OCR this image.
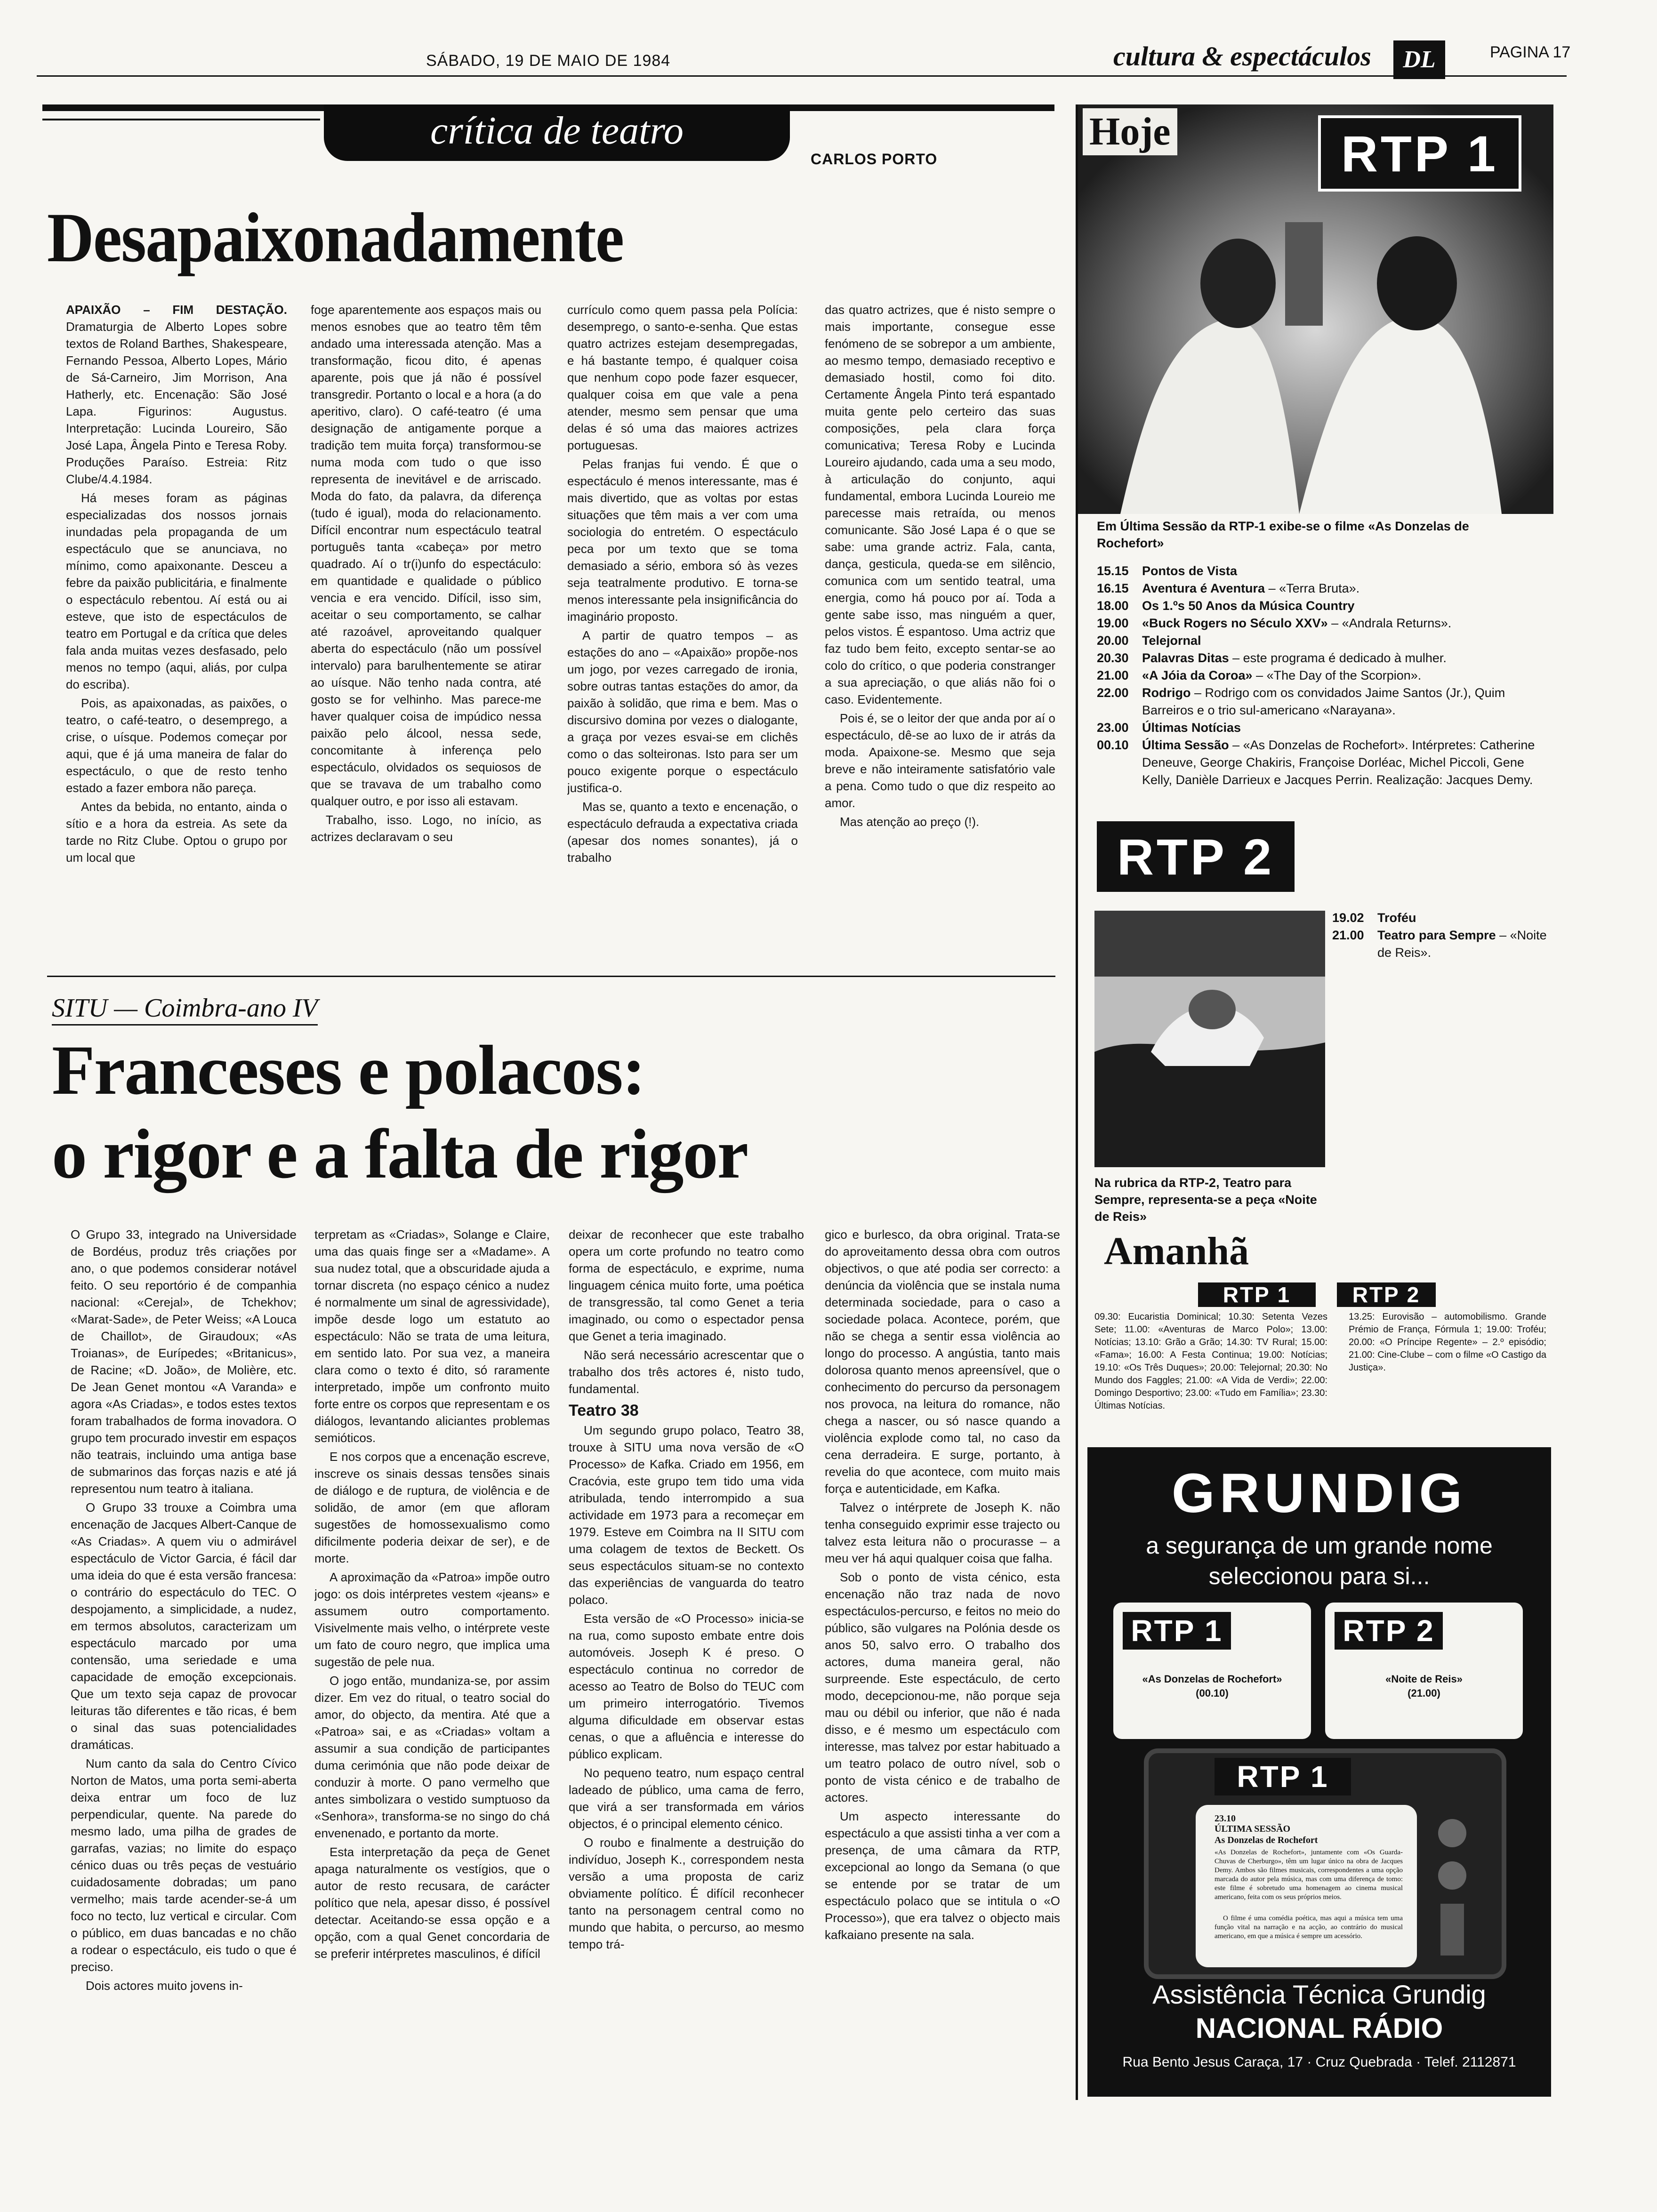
SÁBADO, 19 DE MAIO DE 1984	cultura & espectáculos	DL	PAGINA 17
crítica de teatro
CARLOS PORTO
Desapaixonadamente

APAIXÃO – FIM DESTAÇÃO. Dramaturgia de Alberto Lopes sobre textos de Roland Barthes, Shakespeare, Fernando Pessoa, Alberto Lopes, Mário de Sá-Carneiro, Jim Morrison, Ana Hatherly, etc. Encenação: São José Lapa. Figurinos: Augustus. Interpretação: Lucinda Loureiro, São José Lapa, Ângela Pinto e Teresa Roby. Produções Paraíso. Estreia: Ritz Clube/4.4.1984.

Há meses foram as páginas especializadas dos nossos jornais inundadas pela propaganda de um espectáculo que se anunciava, no mínimo, como apaixonante. Desceu a febre da paixão publicitária, e finalmente o espectáculo rebentou. Aí está ou ai esteve, que isto de espectáculos de teatro em Portugal e da crítica que deles fala anda muitas vezes desfasado, pelo menos no tempo (aqui, aliás, por culpa do escriba).

Pois, as apaixonadas, as paixões, o teatro, o café-teatro, o desemprego, a crise, o uísque. Podemos começar por aqui, que é já uma maneira de falar do espectáculo, o que de resto tenho estado a fazer embora não pareça.

Antes da bebida, no entanto, ainda o sítio e a hora da estreia. As sete da tarde no Ritz Clube. Optou o grupo por um local que

foge aparentemente aos espaços mais ou menos esnobes que ao teatro têm têm andado uma interessada atenção. Mas a transformação, ficou dito, é apenas aparente, pois que já não é possível transgredir. Portanto o local e a hora (a do aperitivo, claro). O café-teatro (é uma designação de antigamente porque a tradição tem muita força) transformou-se numa moda com tudo o que isso representa de inevitável e de arriscado. Moda do fato, da palavra, da diferença (tudo é igual), moda do relacionamento. Difícil encontrar num espectáculo teatral português tanta «cabeça» por metro quadrado. Aí o tr(i)unfo do espectáculo: em quantidade e qualidade o público vencia e era vencido. Difícil, isso sim, aceitar o seu comportamento, se calhar até razoável, aproveitando qualquer aberta do espectáculo (não um possível intervalo) para barulhentemente se atirar ao uísque. Não tenho nada contra, até gosto se for velhinho. Mas parece-me haver qualquer coisa de impúdico nessa paixão pelo álcool, nessa sede, concomitante à inferença pelo espectáculo, olvidados os sequiosos de que se travava de um trabalho como qualquer outro, e por isso ali estavam.

Trabalho, isso. Logo, no início, as actrizes declaravam o seu

currículo como quem passa pela Polícia: desemprego, o santo-e-senha. Que estas quatro actrizes estejam desempregadas, e há bastante tempo, é qualquer coisa que nenhum copo pode fazer esquecer, qualquer coisa em que vale a pena atender, mesmo sem pensar que uma delas é só uma das maiores actrizes portuguesas.

Pelas franjas fui vendo. É que o espectáculo é menos interessante, mas é mais divertido, que as voltas por estas situações que têm mais a ver com uma sociologia do entretém. O espectáculo peca por um texto que se toma demasiado a sério, embora só às vezes seja teatralmente produtivo. E torna-se menos interessante pela insignificância do imaginário proposto.

A partir de quatro tempos – as estações do ano – «Apaixão» propõe-nos um jogo, por vezes carregado de ironia, sobre outras tantas estações do amor, da paixão à solidão, que rima e bem. Mas o discursivo domina por vezes o dialogante, a graça por vezes esvai-se em clichês como o das solteironas. Isto para ser um pouco exigente porque o espectáculo justifica-o.

Mas se, quanto a texto e encenação, o espectáculo defrauda a expectativa criada (apesar dos nomes sonantes), já o trabalho

das quatro actrizes, que é nisto sempre o mais importante, consegue esse fenómeno de se sobrepor a um ambiente, ao mesmo tempo, demasiado receptivo e demasiado hostil, como foi dito. Certamente Ângela Pinto terá espantado muita gente pelo certeiro das suas composições, pela clara força comunicativa; Teresa Roby e Lucinda Loureiro ajudando, cada uma a seu modo, à articulação do conjunto, aqui fundamental, embora Lucinda Loureio me parecesse mais retraída, ou menos comunicante. São José Lapa é o que se sabe: uma grande actriz. Fala, canta, dança, gesticula, queda-se em silêncio, comunica com um sentido teatral, uma energia, como há pouco por aí. Toda a gente sabe isso, mas ninguém a quer, pelos vistos. É espantoso. Uma actriz que faz tudo bem feito, excepto sentar-se ao colo do crítico, o que poderia constranger a sua apreciação, o que aliás não foi o caso. Evidentemente.

Pois é, se o leitor der que anda por aí o espectáculo, dê-se ao luxo de ir atrás da moda. Apaixone-se. Mesmo que seja breve e não inteiramente satisfatório vale a pena. Como tudo o que diz respeito ao amor.

Mas atenção ao preço (!).

SITU — Coimbra-ano IV
Franceses e polacos:
o rigor e a falta de rigor

O Grupo 33, integrado na Universidade de Bordéus, produz três criações por ano, o que podemos considerar notável feito. O seu reportório é de companhia nacional: «Cerejal», de Tchekhov; «Marat-Sade», de Peter Weiss; «A Louca de Chaillot», de Giraudoux; «As Troianas», de Eurípedes; «Britanicus», de Racine; «D. João», de Molière, etc. De Jean Genet montou «A Varanda» e agora «As Criadas», e todos estes textos foram trabalhados de forma inovadora. O grupo tem procurado investir em espaços não teatrais, incluindo uma antiga base de submarinos das forças nazis e até já representou num teatro à italiana.

O Grupo 33 trouxe a Coimbra uma encenação de Jacques Albert-Canque de «As Criadas». A quem viu o admirável espectáculo de Victor Garcia, é fácil dar uma ideia do que é esta versão francesa: o contrário do espectáculo do TEC. O despojamento, a simplicidade, a nudez, em termos absolutos, caracterizam um espectáculo marcado por uma contensão, uma seriedade e uma capacidade de emoção excepcionais. Que um texto seja capaz de provocar leituras tão diferentes e tão ricas, é bem o sinal das suas potencialidades dramáticas.

Num canto da sala do Centro Cívico Norton de Matos, uma porta semi-aberta deixa entrar um foco de luz perpendicular, quente. Na parede do mesmo lado, uma pilha de grades de garrafas, vazias; no limite do espaço cénico duas ou três peças de vestuário cuidadosamente dobradas; um pano vermelho; mais tarde acender-se-á um foco no tecto, luz vertical e circular. Com o público, em duas bancadas e no chão a rodear o espectáculo, eis tudo o que é preciso.

Dois actores muito jovens in-

terpretam as «Criadas», Solange e Claire, uma das quais finge ser a «Madame». A sua nudez total, que a obscuridade ajuda a tornar discreta (no espaço cénico a nudez é normalmente um sinal de agressividade), impõe desde logo um estatuto ao espectáculo: Não se trata de uma leitura, em sentido lato. Por sua vez, a maneira clara como o texto é dito, só raramente interpretado, impõe um confronto muito forte entre os corpos que representam e os diálogos, levantando aliciantes problemas semióticos.

E nos corpos que a encenação escreve, inscreve os sinais dessas tensões sinais de diálogo e de ruptura, de violência e de solidão, de amor (em que afloram sugestões de homossexualismo como dificilmente poderia deixar de ser), e de morte.

A aproximação da «Patroa» impõe outro jogo: os dois intérpretes vestem «jeans» e assumem outro comportamento. Visivelmente mais velho, o intérprete veste um fato de couro negro, que implica uma sugestão de pele nua.

O jogo então, mundaniza-se, por assim dizer. Em vez do ritual, o teatro social do amor, do objecto, da mentira. Até que a «Patroa» sai, e as «Criadas» voltam a assumir a sua condição de participantes duma cerimónia que não pode deixar de conduzir à morte. O pano vermelho que antes simbolizara o vestido sumptuoso da «Senhora», transforma-se no singo do chá envenenado, e portanto da morte.

Esta interpretação da peça de Genet apaga naturalmente os vestígios, que o autor de resto recusara, de carácter político que nela, apesar disso, é possível detectar. Aceitando-se essa opção e a opção, com a qual Genet concordaria de se preferir intérpretes masculinos, é difícil

deixar de reconhecer que este trabalho opera um corte profundo no teatro como forma de espectáculo, e exprime, numa linguagem cénica muito forte, uma poética de transgressão, tal como Genet a teria imaginado, ou como o espectador pensa que Genet a teria imaginado.

Não será necessário acrescentar que o trabalho dos três actores é, nisto tudo, fundamental.

Teatro 38

Um segundo grupo polaco, Teatro 38, trouxe à SITU uma nova versão de «O Processo» de Kafka. Criado em 1956, em Cracóvia, este grupo tem tido uma vida atribulada, tendo interrompido a sua actividade em 1973 para a recomeçar em 1979. Esteve em Coimbra na II SITU com uma colagem de textos de Beckett. Os seus espectáculos situam-se no contexto das experiências de vanguarda do teatro polaco.

Esta versão de «O Processo» inicia-se na rua, como suposto embate entre dois automóveis. Joseph K é preso. O espectáculo continua no corredor de acesso ao Teatro de Bolso do TEUC com um primeiro interrogatório. Tivemos alguma dificuldade em observar estas cenas, o que a afluência e interesse do público explicam.

No pequeno teatro, num espaço central ladeado de público, uma cama de ferro, que virá a ser transformada em vários objectos, é o principal elemento cénico.

O roubo e finalmente a destruição do indivíduo, Joseph K., correspondem nesta versão a uma proposta de cariz obviamente político. É difícil reconhecer tanto na personagem central como no mundo que habita, o percurso, ao mesmo tempo trá-

gico e burlesco, da obra original. Trata-se do aproveitamento dessa obra com outros objectivos, o que até podia ser correcto: a denúncia da violência que se instala numa determinada sociedade, para o caso a sociedade polaca. Acontece, porém, que não se chega a sentir essa violência ao longo do processo. A angústia, tanto mais dolorosa quanto menos apreensível, que o conhecimento do percurso da personagem nos provoca, na leitura do romance, não chega a nascer, ou só nasce quando a violência explode como tal, no caso da cena derradeira. E surge, portanto, à revelia do que acontece, com muito mais força e autenticidade, em Kafka.

Talvez o intérprete de Joseph K. não tenha conseguido exprimir esse trajecto ou talvez esta leitura não o procurasse – a meu ver há aqui qualquer coisa que falha.

Sob o ponto de vista cénico, esta encenação não traz nada de novo espectáculos-percurso, e feitos no meio do público, são vulgares na Polónia desde os anos 50, salvo erro. O trabalho dos actores, duma maneira geral, não surpreende. Este espectáculo, de certo modo, decepcionou-me, não porque seja mau ou débil ou inferior, que não é nada disso, e é mesmo um espectáculo com interesse, mas talvez por estar habituado a um teatro polaco de outro nível, sob o ponto de vista cénico e de trabalho de actores.

Um aspecto interessante do espectáculo a que assisti tinha a ver com a presença, de uma câmara da RTP, excepcional ao longo da Semana (o que se entende por se tratar de um espectáculo polaco que se intitula o «O Processo»), que era talvez o objecto mais kafkaiano presente na sala.

Hoje	RTP 1
Em Última Sessão da RTP-1 exibe-se o filme «As Donzelas de Rochefort»
15.15	Pontos de Vista
16.15	Aventura é Aventura – «Terra Bruta».
18.00	Os 1.ºs 50 Anos da Música Country
19.00	«Buck Rogers no Século XXV» – «Andrala Returns».
20.00	Telejornal
20.30	Palavras Ditas – este programa é dedicado à mulher.
21.00	«A Jóia da Coroa» – «The Day of the Scorpion».
22.00	Rodrigo – Rodrigo com os convidados Jaime Santos (Jr.), Quim Barreiros e o trio sul-americano «Narayana».
23.00	Últimas Notícias
00.10	Última Sessão – «As Donzelas de Rochefort». Intérpretes: Catherine Deneuve, George Chakiris, Françoise Dorléac, Michel Piccoli, Gene Kelly, Danièle Darrieux e Jacques Perrin. Realização: Jacques Demy.
RTP 2
19.02	Troféu
21.00	Teatro para Sempre – «Noite de Reis».
Na rubrica da RTP-2, Teatro para Sempre, representa-se a peça «Noite de Reis»
Amanhã
RTP 1	RTP 2
09.30: Eucaristia Dominical; 10.30: Setenta Vezes Sete; 11.00: «Aventuras de Marco Polo»; 13.00: Notícias; 13.10: Grão a Grão; 14.30: TV Rural; 15.00: «Fama»; 16.00: A Festa Continua; 19.00: Notícias; 19.10: «Os Três Duques»; 20.00: Telejornal; 20.30: No Mundo dos Faggles; 21.00: «A Vida de Verdi»; 22.00: Domingo Desportivo; 23.00: «Tudo em Família»; 23.30: Últimas Notícias.
13.25: Eurovisão – automobilismo. Grande Prémio de França, Fórmula 1; 19.00: Troféu; 20.00: «O Príncipe Regente» – 2.º episódio; 21.00: Cine-Clube – com o filme «O Castigo da Justiça».
GRUNDIG
a segurança de um grande nome
seleccionou para si...
RTP 1
«As Donzelas de Rochefort»
(00.10)
RTP 2
«Noite de Reis»
(21.00)
RTP 1
23.10
ÚLTIMA SESSÃO
As Donzelas de Rochefort
«As Donzelas de Rochefort», juntamente com «Os Guarda-Chuvas de Cherburgo», têm um lugar único na obra de Jacques Demy. Ambos são filmes musicais, correspondentes a uma opção marcada do autor pela música, mas com uma diferença de tomo: este filme é sobretudo uma homenagem ao cinema musical americano, feita com os seus próprios meios.
O filme é uma comédia poética, mas aqui a música tem uma função vital na narração e na acção, ao contrário do musical americano, em que a música é sempre um acessório.
Assistência Técnica Grundig
NACIONAL RÁDIO
Rua Bento Jesus Caraça, 17 · Cruz Quebrada · Telef. 2112871
